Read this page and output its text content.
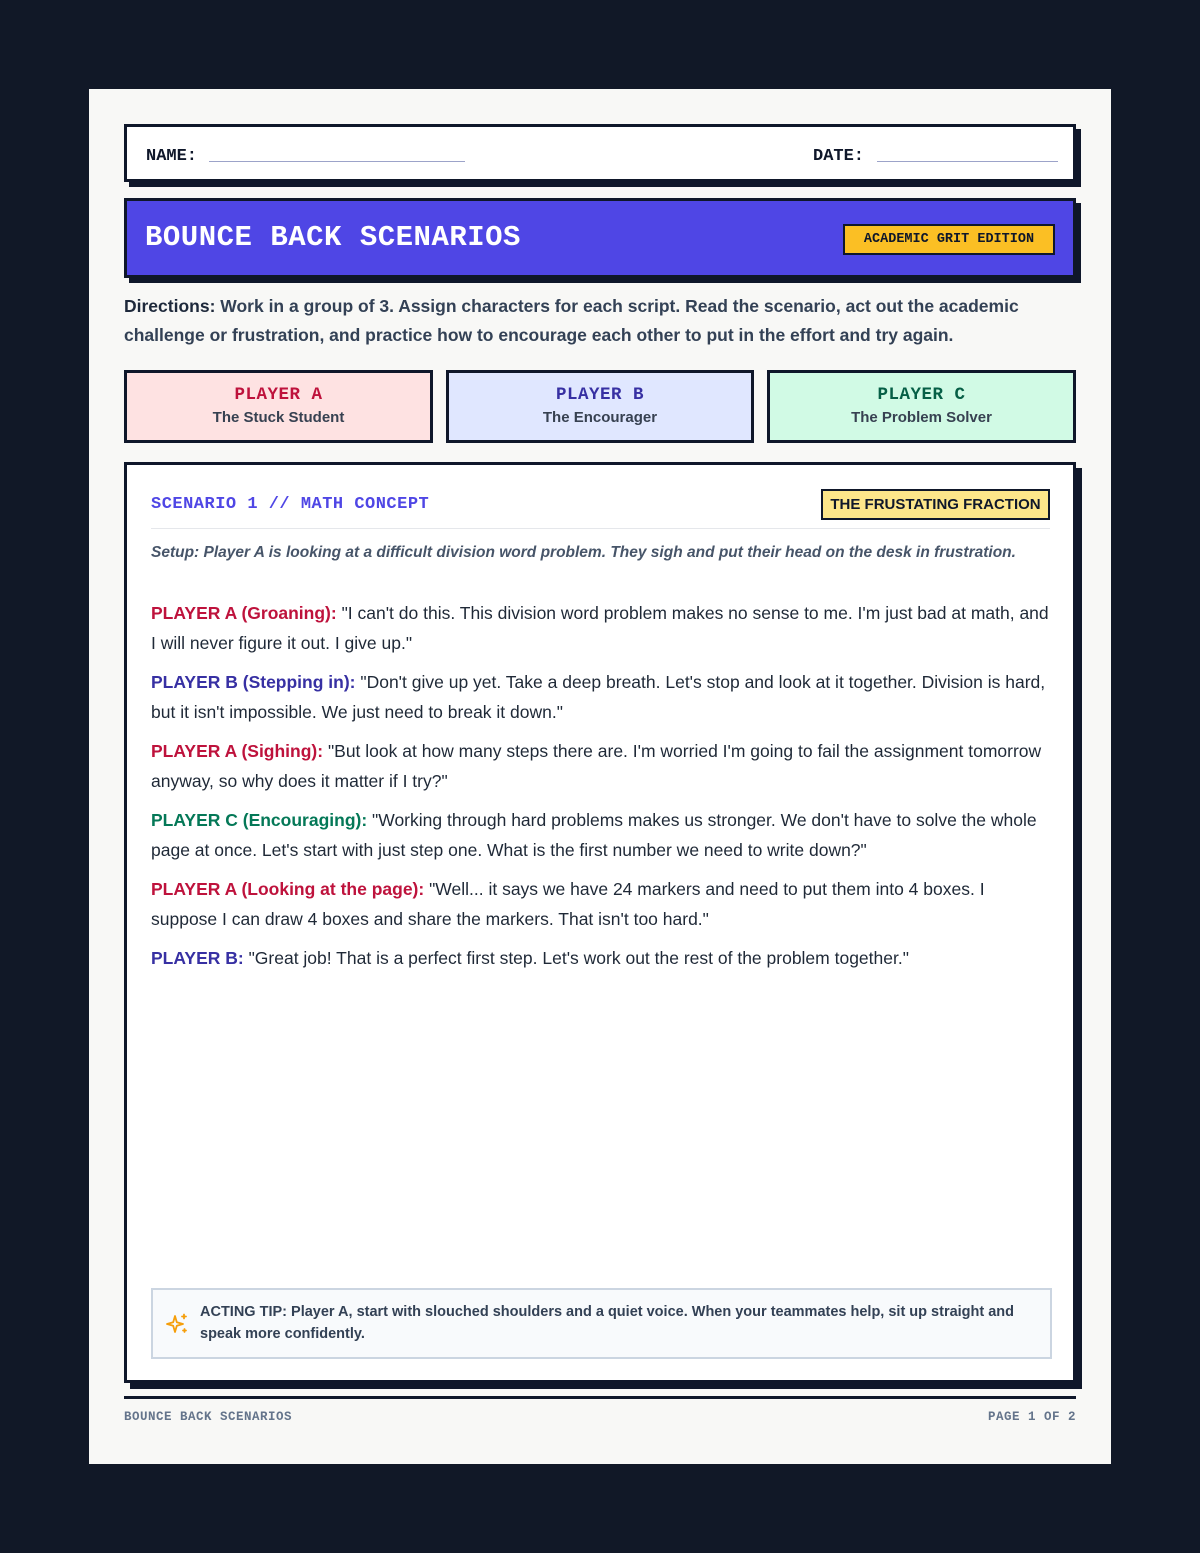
NAME:	DATE:
BOUNCE BACK SCENARIOS	ACADEMIC GRIT EDITION

Directions: Work in a group of 3. Assign characters for each script. Read the scenario, act out the academic challenge or frustration, and practice how to encourage each other to put in the effort and try again.

PLAYER A
The Stuck Student
PLAYER B
The Encourager
PLAYER C
The Problem Solver
SCENARIO 1 // MATH CONCEPT	THE FRUSTATING FRACTION

Setup: Player A is looking at a difficult division word problem. They sigh and put their head on the desk in frustration.

PLAYER A (Groaning): "I can't do this. This division word problem makes no sense to me. I'm just bad at math, and I will never figure it out. I give up."

PLAYER B (Stepping in): "Don't give up yet. Take a deep breath. Let's stop and look at it together. Division is hard, but it isn't impossible. We just need to break it down."

PLAYER A (Sighing): "But look at how many steps there are. I'm worried I'm going to fail the assignment tomorrow anyway, so why does it matter if I try?"

PLAYER C (Encouraging): "Working through hard problems makes us stronger. We don't have to solve the whole page at once. Let's start with just step one. What is the first number we need to write down?"

PLAYER A (Looking at the page): "Well... it says we have 24 markers and need to put them into 4 boxes. I suppose I can draw 4 boxes and share the markers. That isn't too hard."

PLAYER B: "Great job! That is a perfect first step. Let's work out the rest of the problem together."

ACTING TIP: Player A, start with slouched shoulders and a quiet voice. When your teammates help, sit up straight and speak more confidently.

BOUNCE BACK SCENARIOS	PAGE 1 OF 2
